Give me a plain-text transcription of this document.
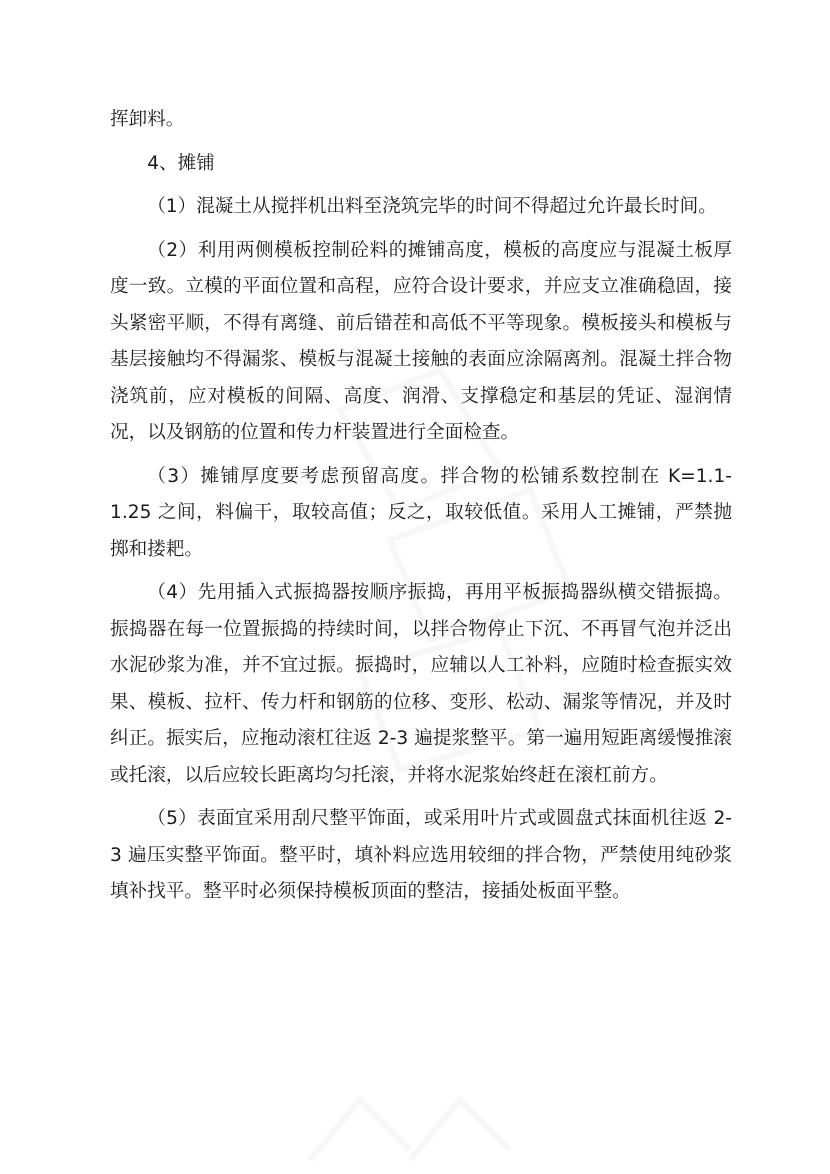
挥卸料。

4、摊铺

（1）混凝土从搅拌机出料至浇筑完毕的时间不得超过允许最长时间。

（2）利用两侧模板控制砼料的摊铺高度，模板的高度应与混凝土板厚度一致。立模的平面位置和高程，应符合设计要求，并应支立准确稳固，接头紧密平顺，不得有离缝、前后错茬和高低不平等现象。模板接头和模板与基层接触均不得漏浆、模板与混凝土接触的表面应涂隔离剂。混凝土拌合物浇筑前，应对模板的间隔、高度、润滑、支撑稳定和基层的凭证、湿润情况，以及钢筋的位置和传力杆装置进行全面检查。

（3）摊铺厚度要考虑预留高度。拌合物的松铺系数控制在 K=1.1-1.25 之间，料偏干，取较高值；反之，取较低值。采用人工摊铺，严禁抛掷和搂耙。

（4）先用插入式振捣器按顺序振捣，再用平板振捣器纵横交错振捣。振捣器在每一位置振捣的持续时间，以拌合物停止下沉、不再冒气泡并泛出水泥砂浆为准，并不宜过振。振捣时，应辅以人工补料，应随时检查振实效果、模板、拉杆、传力杆和钢筋的位移、变形、松动、漏浆等情况，并及时纠正。振实后，应拖动滚杠往返 2-3 遍提浆整平。第一遍用短距离缓慢推滚或托滚，以后应较长距离均匀托滚，并将水泥浆始终赶在滚杠前方。

（5）表面宜采用刮尺整平饰面，或采用叶片式或圆盘式抹面机往返 2-3 遍压实整平饰面。整平时，填补料应选用较细的拌合物，严禁使用纯砂浆填补找平。整平时必须保持模板顶面的整洁，接插处板面平整。
